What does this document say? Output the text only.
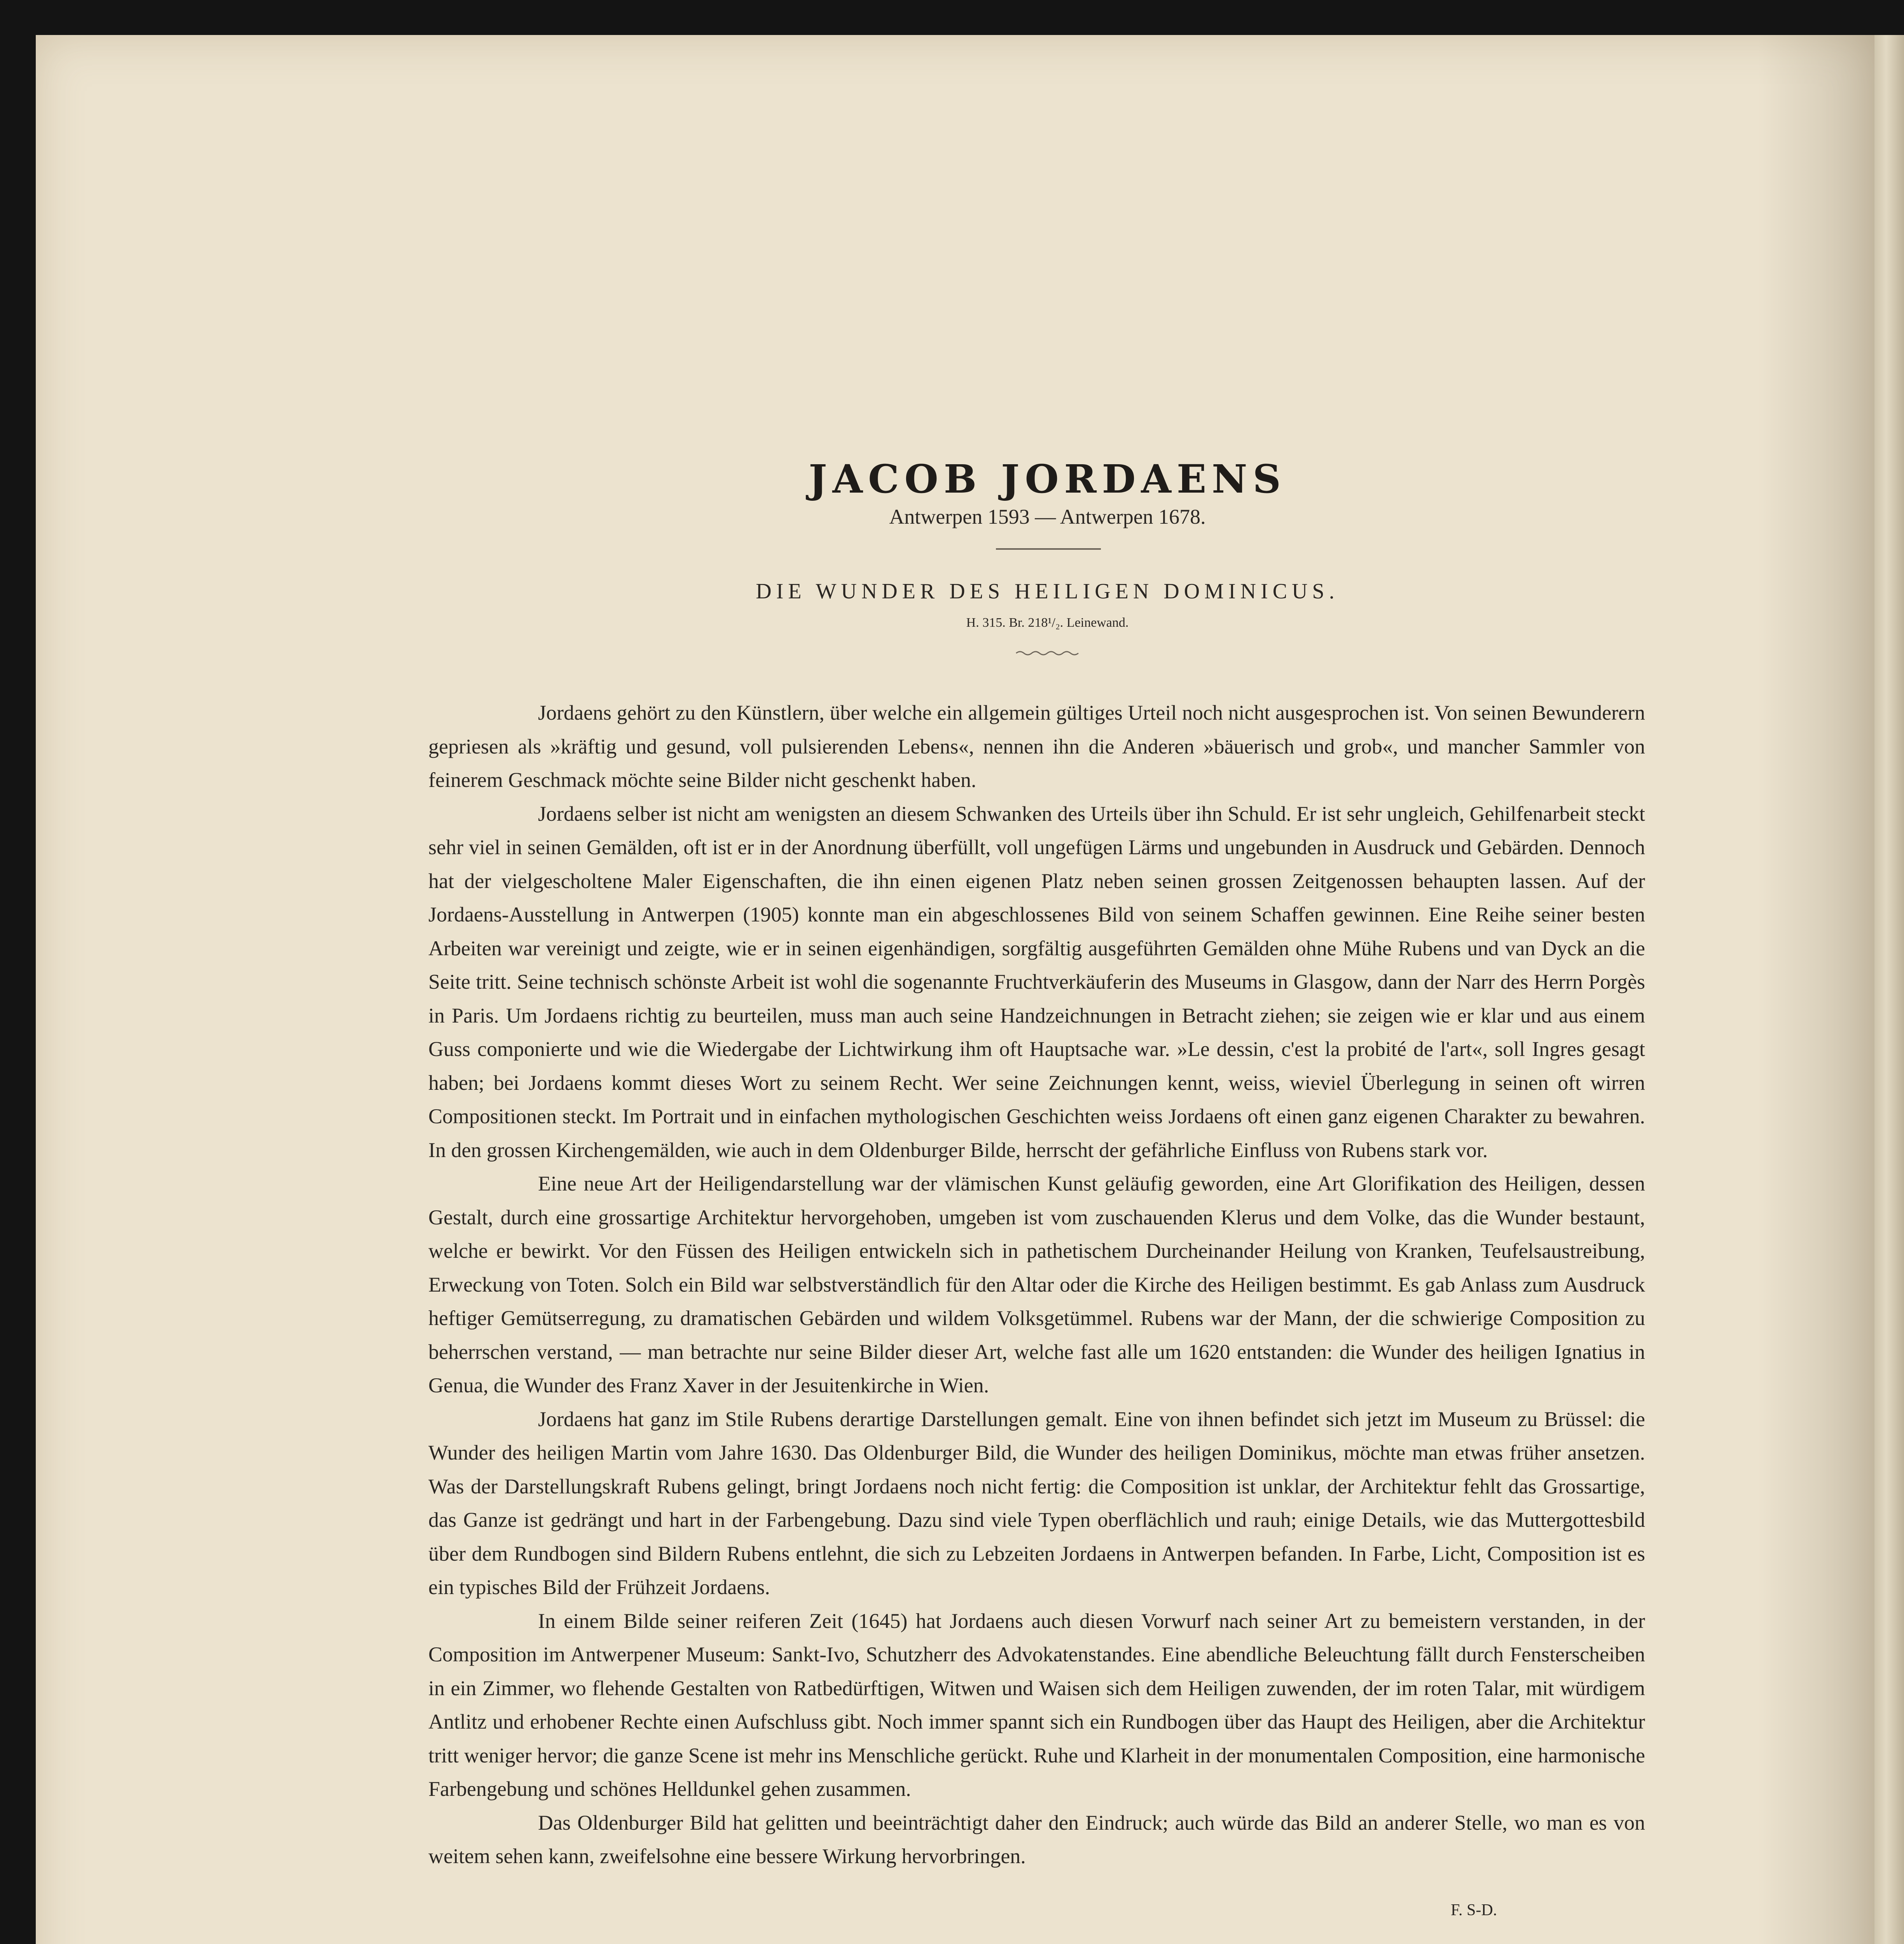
JACOB JORDAENS
Antwerpen 1593 — Antwerpen 1678.
DIE WUNDER DES HEILIGEN DOMINICUS.
H. 315. Br. 218¹/₂. Leinewand.

Jordaens gehört zu den Künstlern, über welche ein allgemein gültiges Urteil noch nicht ausgesprochen ist. Von seinen Bewunderern gepriesen als »kräftig und gesund, voll pulsierenden Lebens«, nennen ihn die Anderen »bäuerisch und grob«, und mancher Sammler von feinerem Geschmack möchte seine Bilder nicht geschenkt haben.

Jordaens selber ist nicht am wenigsten an diesem Schwanken des Urteils über ihn Schuld. Er ist sehr ungleich, Gehilfenarbeit steckt sehr viel in seinen Gemälden, oft ist er in der Anordnung überfüllt, voll ungefügen Lärms und ungebunden in Ausdruck und Gebärden. Dennoch hat der vielgescholtene Maler Eigenschaften, die ihn einen eigenen Platz neben seinen grossen Zeitgenossen behaupten lassen. Auf der Jordaens-Ausstellung in Antwerpen (1905) konnte man ein abgeschlossenes Bild von seinem Schaffen gewinnen. Eine Reihe seiner besten Arbeiten war vereinigt und zeigte, wie er in seinen eigenhändigen, sorgfältig ausgeführten Gemälden ohne Mühe Rubens und van Dyck an die Seite tritt. Seine technisch schönste Arbeit ist wohl die sogenannte Fruchtverkäuferin des Museums in Glasgow, dann der Narr des Herrn Porgès in Paris. Um Jordaens richtig zu beurteilen, muss man auch seine Handzeichnungen in Betracht ziehen; sie zeigen wie er klar und aus einem Guss componierte und wie die Wiedergabe der Lichtwirkung ihm oft Hauptsache war. »Le dessin, c'est la probité de l'art«, soll Ingres gesagt haben; bei Jordaens kommt dieses Wort zu seinem Recht. Wer seine Zeichnungen kennt, weiss, wieviel Überlegung in seinen oft wirren Compositionen steckt. Im Portrait und in einfachen mythologischen Geschichten weiss Jordaens oft einen ganz eigenen Charakter zu bewahren. In den grossen Kirchengemälden, wie auch in dem Oldenburger Bilde, herrscht der gefährliche Einfluss von Rubens stark vor.

Eine neue Art der Heiligendarstellung war der vlämischen Kunst geläufig geworden, eine Art Glorifikation des Heiligen, dessen Gestalt, durch eine grossartige Architektur hervorgehoben, umgeben ist vom zuschauenden Klerus und dem Volke, das die Wunder bestaunt, welche er bewirkt. Vor den Füssen des Heiligen entwickeln sich in pathetischem Durcheinander Heilung von Kranken, Teufelsaustreibung, Erweckung von Toten. Solch ein Bild war selbstverständlich für den Altar oder die Kirche des Heiligen bestimmt. Es gab Anlass zum Ausdruck heftiger Gemütserregung, zu dramatischen Gebärden und wildem Volksgetümmel. Rubens war der Mann, der die schwierige Composition zu beherrschen verstand, — man betrachte nur seine Bilder dieser Art, welche fast alle um 1620 entstanden: die Wunder des heiligen Ignatius in Genua, die Wunder des Franz Xaver in der Jesuitenkirche in Wien.

Jordaens hat ganz im Stile Rubens derartige Darstellungen gemalt. Eine von ihnen befindet sich jetzt im Museum zu Brüssel: die Wunder des heiligen Martin vom Jahre 1630. Das Oldenburger Bild, die Wunder des heiligen Dominikus, möchte man etwas früher ansetzen. Was der Darstellungskraft Rubens gelingt, bringt Jordaens noch nicht fertig: die Composition ist unklar, der Architektur fehlt das Grossartige, das Ganze ist gedrängt und hart in der Farbengebung. Dazu sind viele Typen oberflächlich und rauh; einige Details, wie das Muttergottesbild über dem Rundbogen sind Bildern Rubens entlehnt, die sich zu Lebzeiten Jordaens in Antwerpen befanden. In Farbe, Licht, Composition ist es ein typisches Bild der Frühzeit Jordaens.

In einem Bilde seiner reiferen Zeit (1645) hat Jordaens auch diesen Vorwurf nach seiner Art zu bemeistern verstanden, in der Composition im Antwerpener Museum: Sankt-Ivo, Schutzherr des Advokatenstandes. Eine abendliche Beleuchtung fällt durch Fensterscheiben in ein Zimmer, wo flehende Gestalten von Ratbedürftigen, Witwen und Waisen sich dem Heiligen zuwenden, der im roten Talar, mit würdigem Antlitz und erhobener Rechte einen Aufschluss gibt. Noch immer spannt sich ein Rundbogen über das Haupt des Heiligen, aber die Architektur tritt weniger hervor; die ganze Scene ist mehr ins Menschliche gerückt. Ruhe und Klarheit in der monumentalen Composition, eine harmonische Farbengebung und schönes Helldunkel gehen zusammen.

Das Oldenburger Bild hat gelitten und beeinträchtigt daher den Eindruck; auch würde das Bild an anderer Stelle, wo man es von weitem sehen kann, zweifelsohne eine bessere Wirkung hervorbringen.

F. S-D.
